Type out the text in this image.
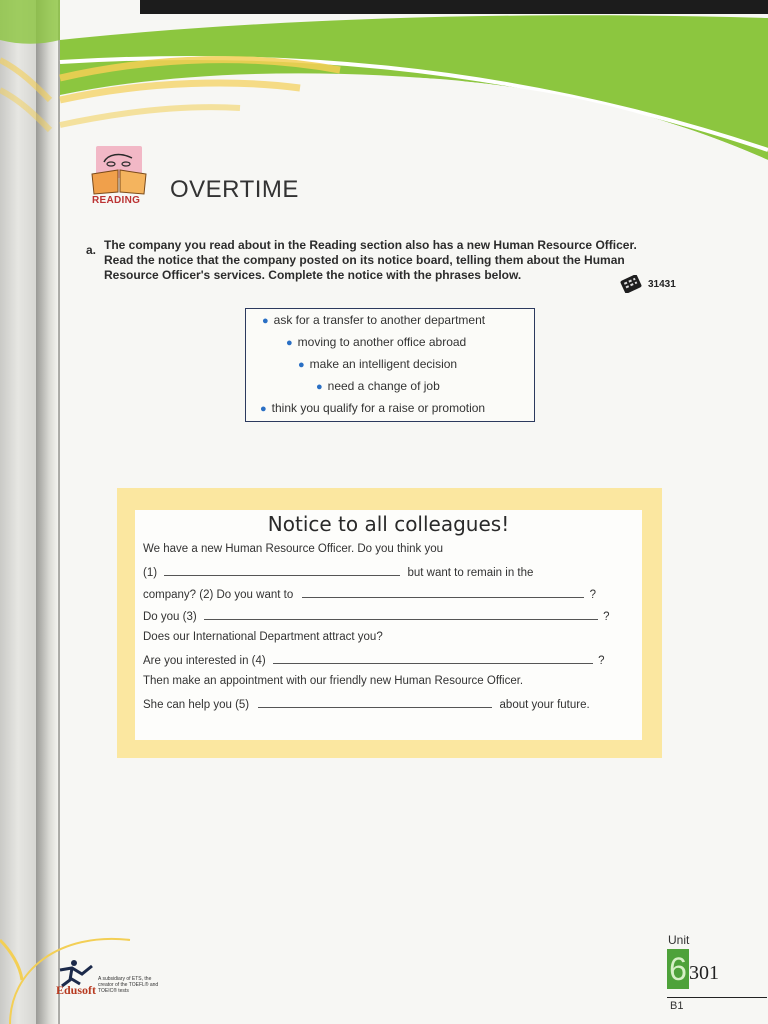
READING OVERTIME
a. The company you read about in the Reading section also has a new Human Resource Officer.
Read the notice that the company posted on its notice board, telling them about the Human
Resource Officer's services. Complete the notice with the phrases below.
31431
● ask for a transfer to another department
● moving to another office abroad
● make an intelligent decision
● need a change of job
● think you qualify for a raise or promotion
Notice to all colleagues!
We have a new Human Resource Officer. Do you think you
(1)	but want to remain in the
company? (2) Do you want to	?
Do you (3)	?
Does our International Department attract you?
Are you interested in (4)	?
Then make an appointment with our friendly new Human Resource Officer.
She can help you (5)	about your future.
Edusoft
A subsidiary of ETS, the creator of the TOEFL® and TOEIC® tests
Unit
6 301
B1
